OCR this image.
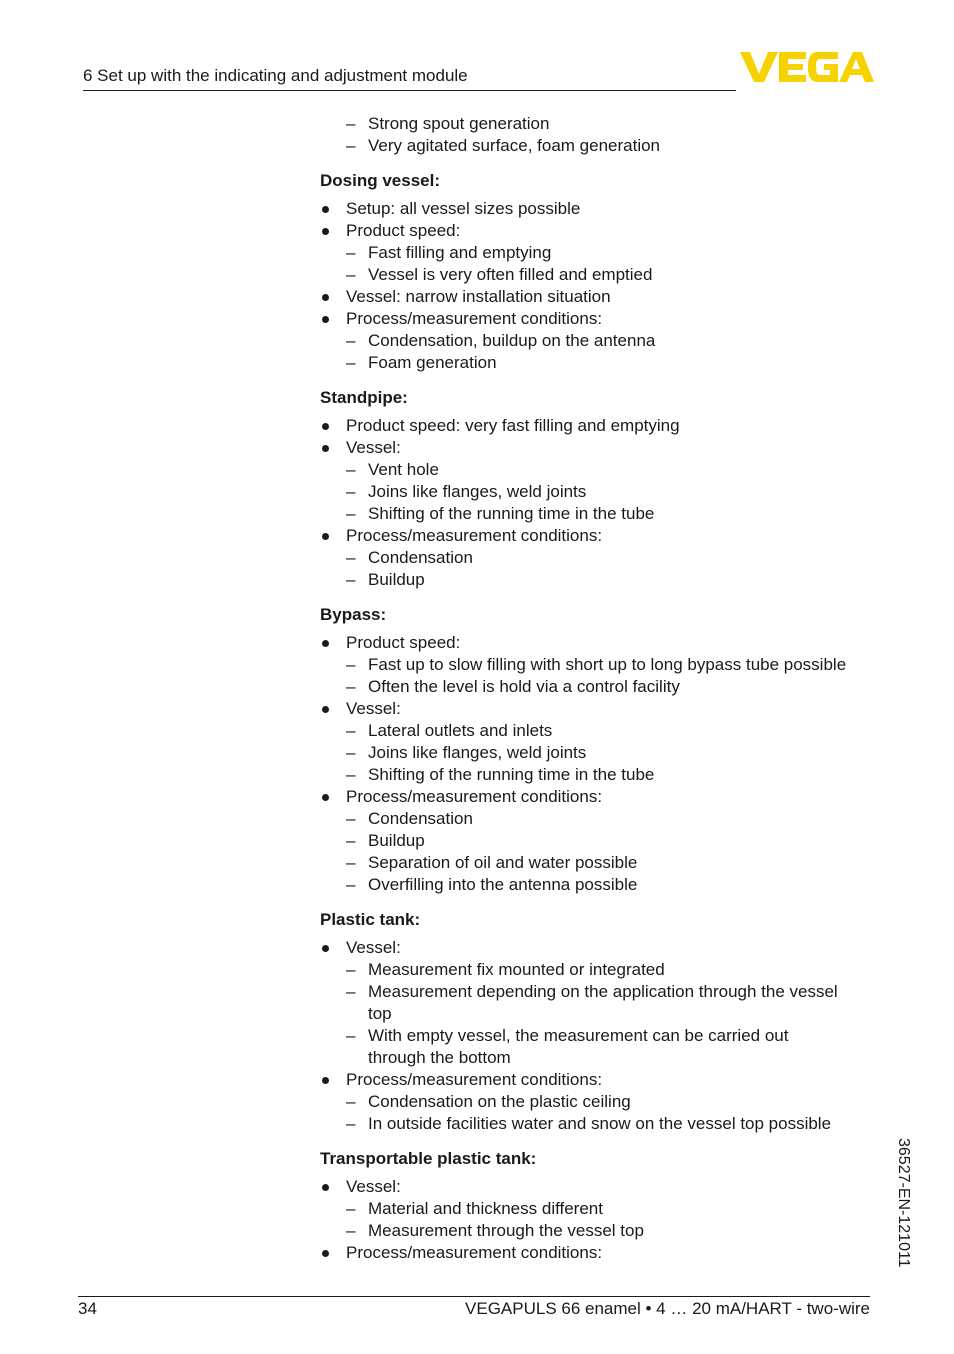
6 Set up with the indicating and adjustment module
– Strong spout generation
– Very agitated surface, foam generation
Dosing vessel:
Setup: all vessel sizes possible
Product speed:
– Fast filling and emptying
– Vessel is very often filled and emptied
Vessel: narrow installation situation
Process/measurement conditions:
– Condensation, buildup on the antenna
– Foam generation
Standpipe:
Product speed: very fast filling and emptying
Vessel:
– Vent hole
– Joins like flanges, weld joints
– Shifting of the running time in the tube
Process/measurement conditions:
– Condensation
– Buildup
Bypass:
Product speed:
– Fast up to slow filling with short up to long bypass tube possible
– Often the level is hold via a control facility
Vessel:
– Lateral outlets and inlets
– Joins like flanges, weld joints
– Shifting of the running time in the tube
Process/measurement conditions:
– Condensation
– Buildup
– Separation of oil and water possible
– Overfilling into the antenna possible
Plastic tank:
Vessel:
– Measurement fix mounted or integrated
– Measurement depending on the application through the vessel
top
– With empty vessel, the measurement can be carried out
through the bottom
Process/measurement conditions:
– Condensation on the plastic ceiling
– In outside facilities water and snow on the vessel top possible
Transportable plastic tank:
Vessel:
– Material and thickness different
– Measurement through the vessel top
Process/measurement conditions:	36527-EN-121011
34	VEGAPULS 66 enamel • 4 … 20 mA/HART - two-wire
